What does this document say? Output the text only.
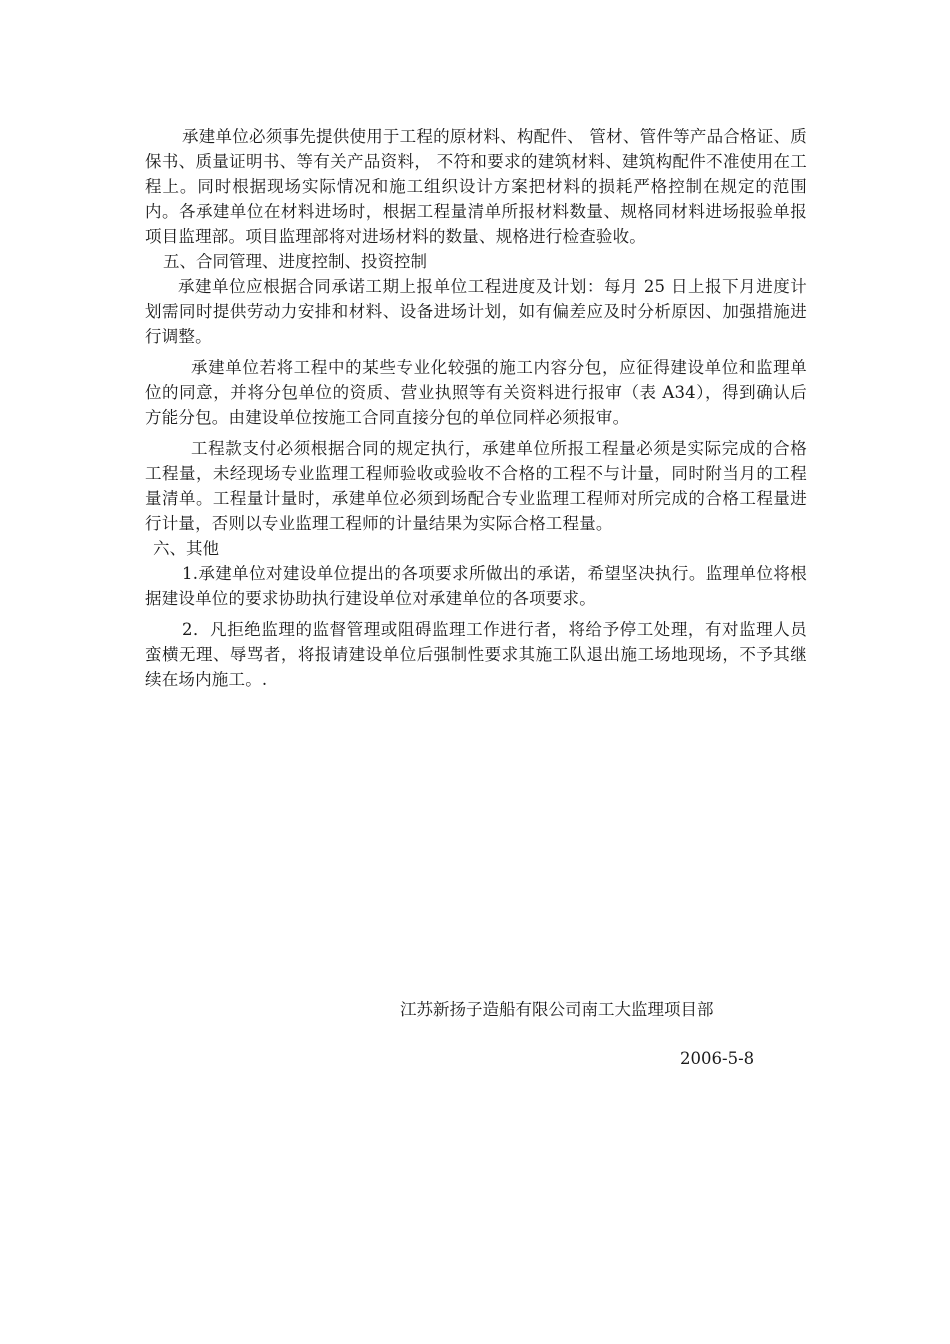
承建单位必须事先提供使用于工程的原材料、构配件、 管材、管件等产品合格证、质保书、质量证明书、等有关产品资料， 不符和要求的建筑材料、建筑构配件不准使用在工程上。同时根据现场实际情况和施工组织设计方案把材料的损耗严格控制在规定的范围内。各承建单位在材料进场时，根据工程量清单所报材料数量、规格同材料进场报验单报项目监理部。项目监理部将对进场材料的数量、规格进行检查验收。

五、合同管理、进度控制、投资控制

承建单位应根据合同承诺工期上报单位工程进度及计划：每月 25 日上报下月进度计划需同时提供劳动力安排和材料、设备进场计划，如有偏差应及时分析原因、加强措施进行调整。

承建单位若将工程中的某些专业化较强的施工内容分包，应征得建设单位和监理单位的同意，并将分包单位的资质、营业执照等有关资料进行报审（表 A34），得到确认后方能分包。由建设单位按施工合同直接分包的单位同样必须报审。

工程款支付必须根据合同的规定执行，承建单位所报工程量必须是实际完成的合格工程量，未经现场专业监理工程师验收或验收不合格的工程不与计量，同时附当月的工程量清单。工程量计量时，承建单位必须到场配合专业监理工程师对所完成的合格工程量进行计量，否则以专业监理工程师的计量结果为实际合格工程量。

六、其他

1.承建单位对建设单位提出的各项要求所做出的承诺，希望坚决执行。监理单位将根据建设单位的要求协助执行建设单位对承建单位的各项要求。

2．凡拒绝监理的监督管理或阻碍监理工作进行者，将给予停工处理，有对监理人员蛮横无理、辱骂者，将报请建设单位后强制性要求其施工队退出施工场地现场，不予其继续在场内施工。.

江苏新扬子造船有限公司南工大监理项目部
2006-5-8
